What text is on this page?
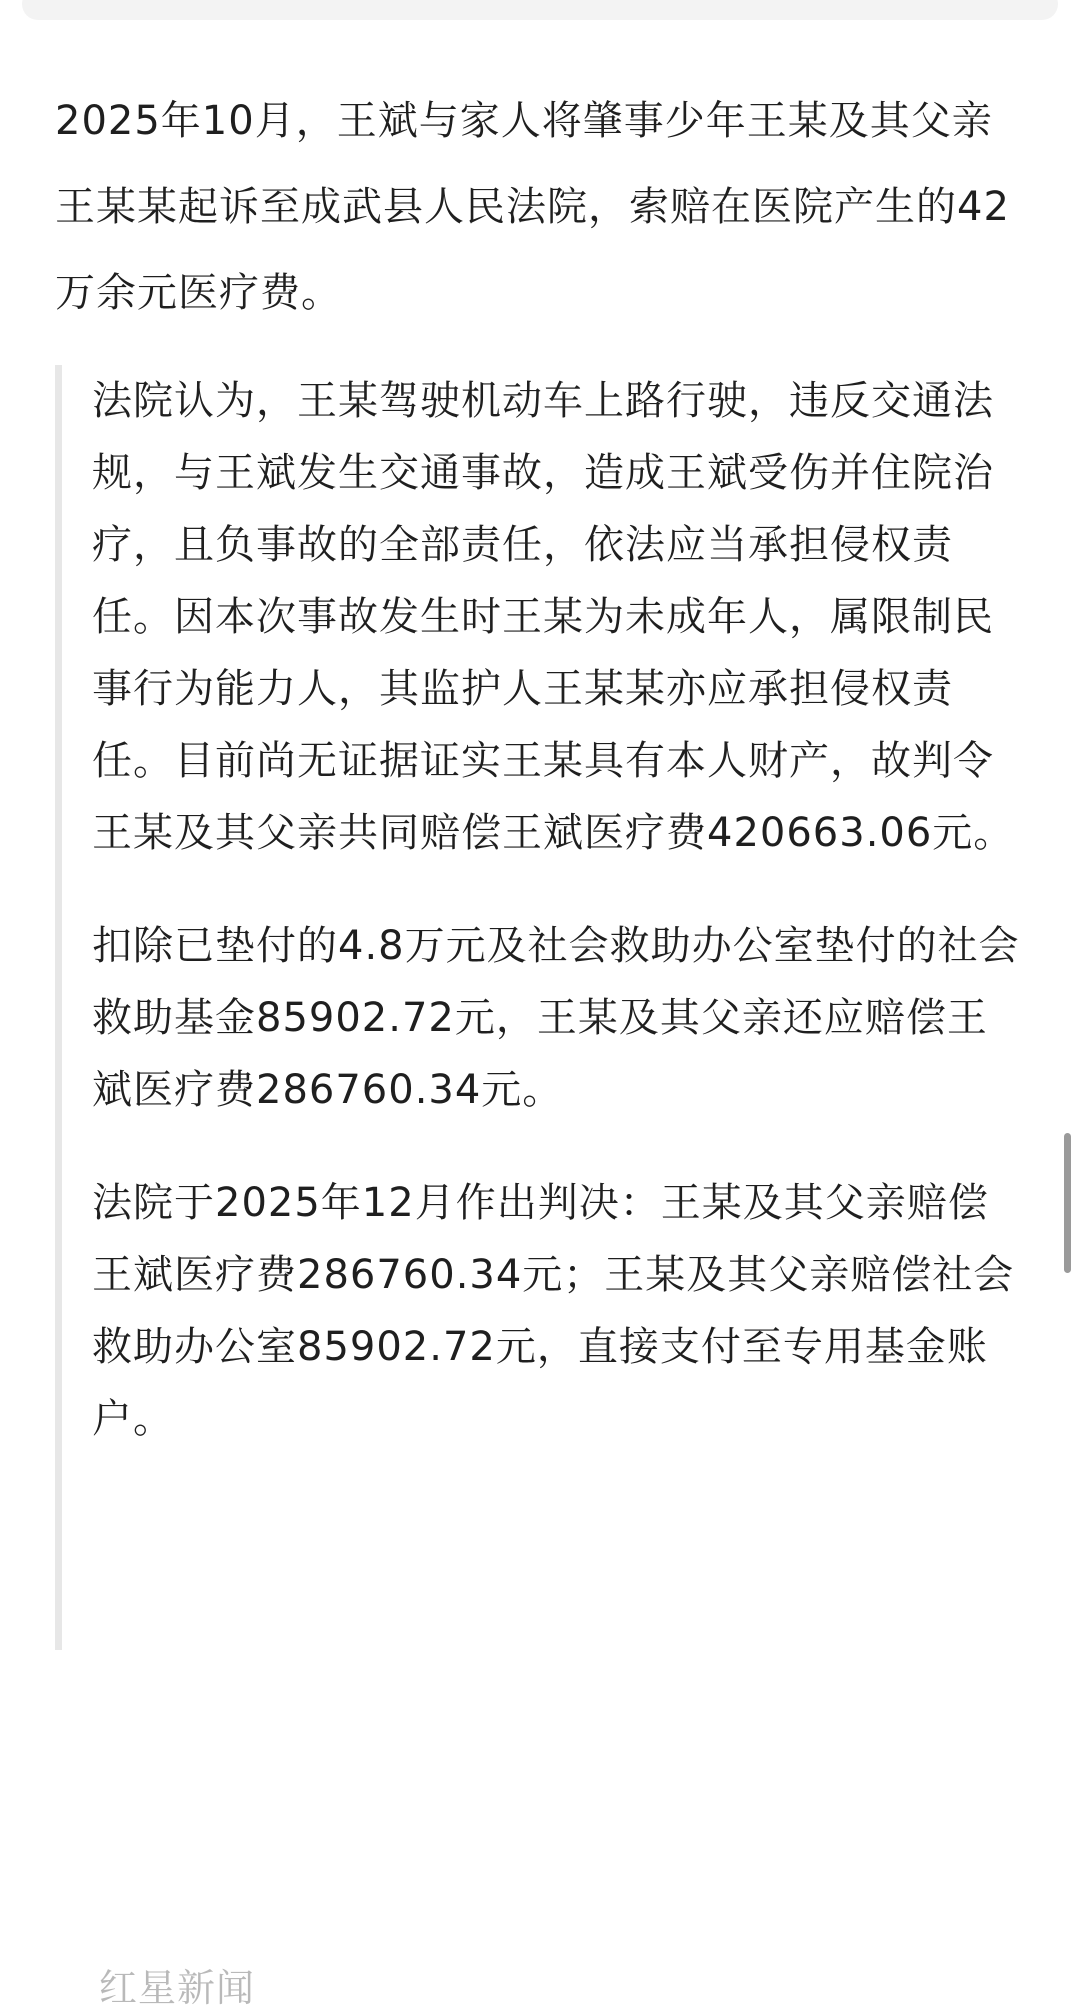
2025年10月，王斌与家人将肇事少年王某及其父亲王某某起诉至成武县人民法院，索赔在医院产生的42万余元医疗费。

法院认为，王某驾驶机动车上路行驶，违反交通法规，与王斌发生交通事故，造成王斌受伤并住院治疗，且负事故的全部责任，依法应当承担侵权责任。因本次事故发生时王某为未成年人，属限制民事行为能力人，其监护人王某某亦应承担侵权责任。目前尚无证据证实王某具有本人财产，故判令王某及其父亲共同赔偿王斌医疗费420663.06元。

扣除已垫付的4.8万元及社会救助办公室垫付的社会救助基金85902.72元，王某及其父亲还应赔偿王斌医疗费286760.34元。

法院于2025年12月作出判决：王某及其父亲赔偿王斌医疗费286760.34元；王某及其父亲赔偿社会救助办公室85902.72元，直接支付至专用基金账户。

红星新闻
